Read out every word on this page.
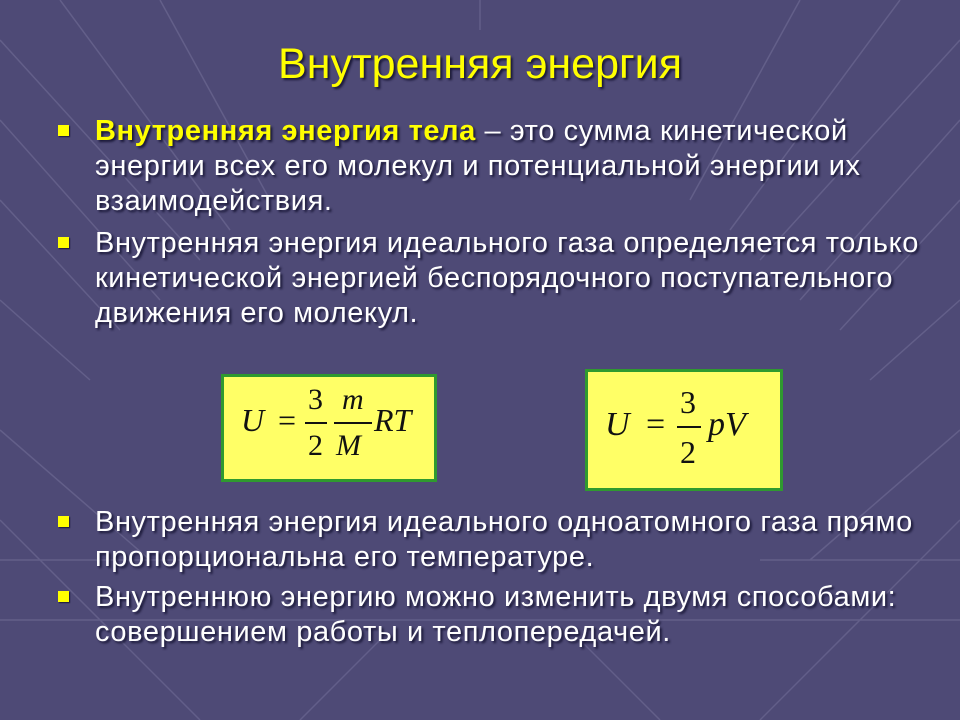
Внутренняя энергия
Внутренняя энергия тела – это сумма кинетической энергии всех его молекул и потенциальной энергии их взаимодействия.
Внутренняя энергия идеального газа определяется только кинетической энергией беспорядочного поступательного движения его молекул.
U =
3
2
m
M
RT	U =
3
2
pV
Внутренняя энергия идеального одноатомного газа прямо пропорциональна его температуре.
Внутреннюю энергию можно изменить двумя способами: совершением работы и теплопередачей.
